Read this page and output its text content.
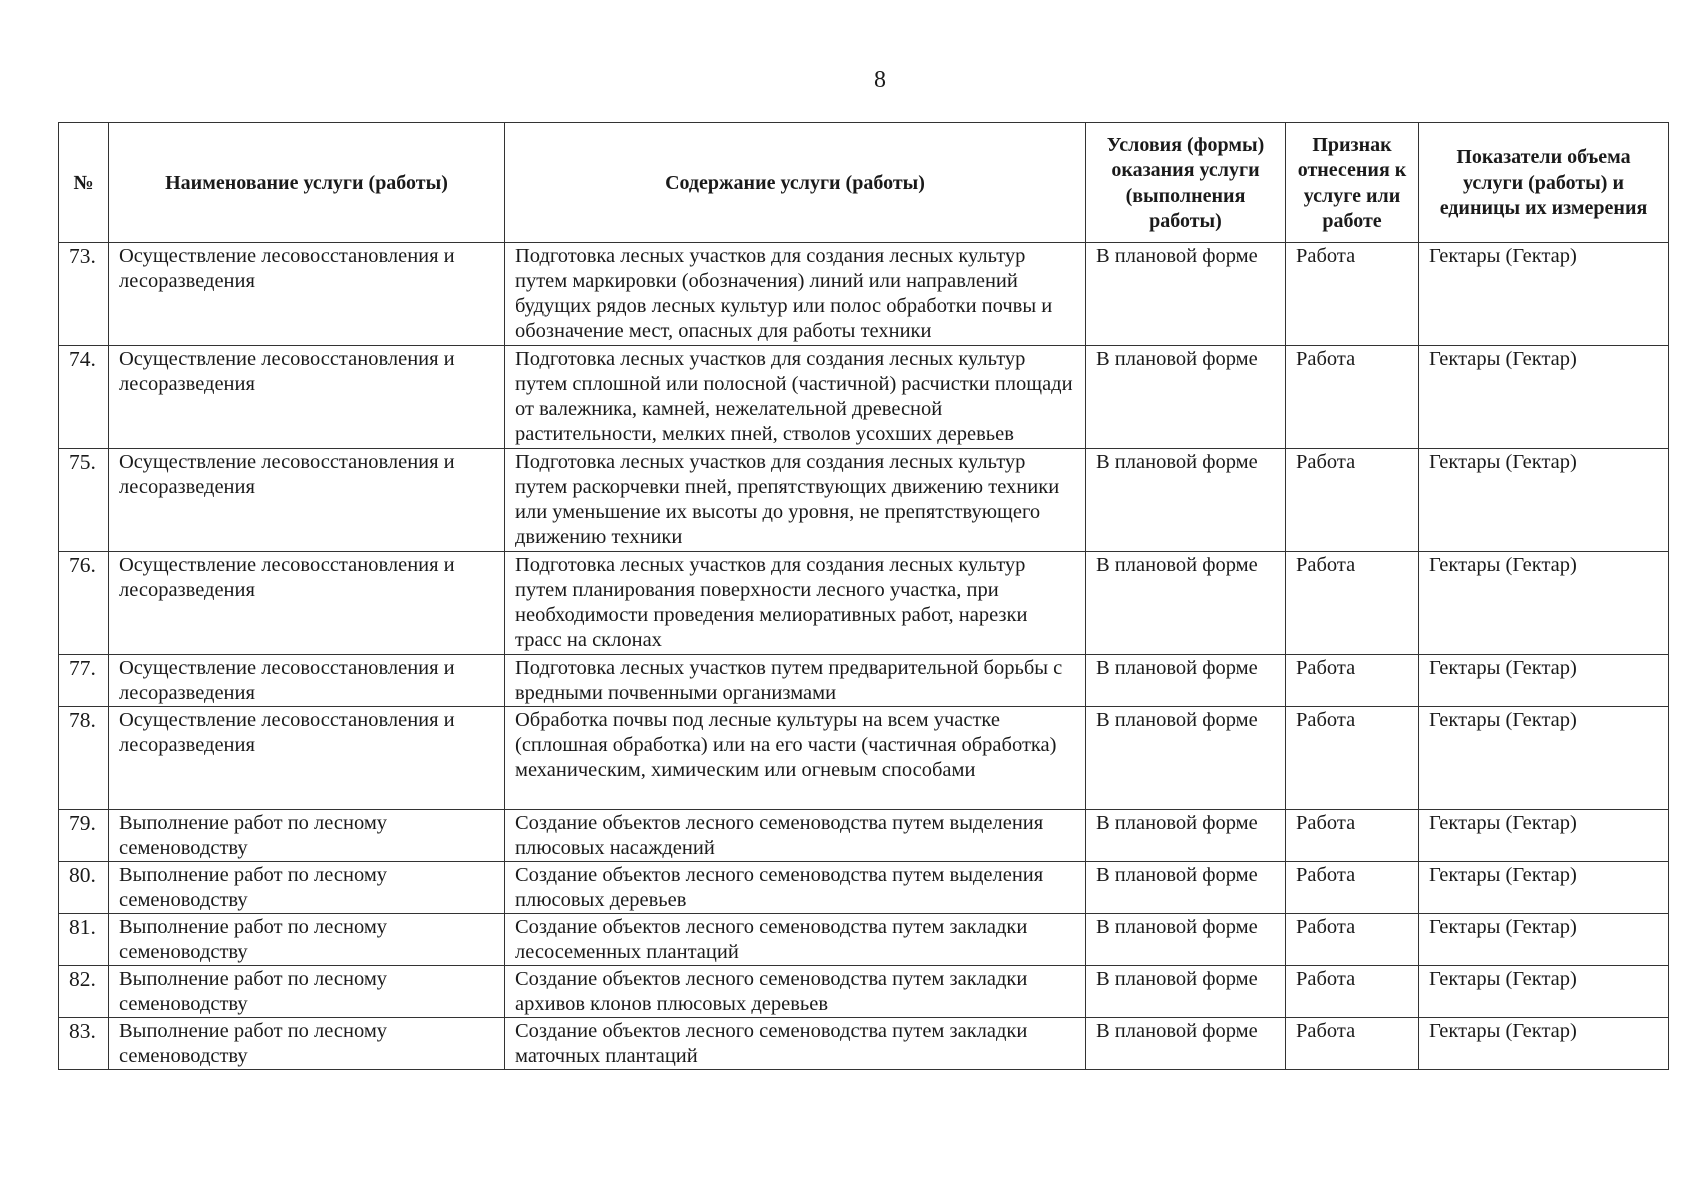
8
№	Наименование услуги (работы)	Содержание услуги (работы)	Условия (формы) оказания услуги (выполнения работы)	Признак отнесения к услуге или работе	Показатели объема услуги (работы) и единицы их измерения
73.	Осуществление лесовосстановления и лесоразведения	Подготовка лесных участков для создания лесных культур путем маркировки (обозначения) линий или направлений будущих рядов лесных культур или полос обработки почвы и обозначение мест, опасных для работы техники	В плановой форме	Работа	Гектары (Гектар)
74.	Осуществление лесовосстановления и лесоразведения	Подготовка лесных участков для создания лесных культур путем сплошной или полосной (частичной) расчистки площади от валежника, камней, нежелательной древесной растительности, мелких пней, стволов усохших деревьев	В плановой форме	Работа	Гектары (Гектар)
75.	Осуществление лесовосстановления и лесоразведения	Подготовка лесных участков для создания лесных культур путем раскорчевки пней, препятствующих движению техники или уменьшение их высоты до уровня, не препятствующего движению техники	В плановой форме	Работа	Гектары (Гектар)
76.	Осуществление лесовосстановления и лесоразведения	Подготовка лесных участков для создания лесных культур путем планирования поверхности лесного участка, при необходимости проведения мелиоративных работ, нарезки трасс на склонах	В плановой форме	Работа	Гектары (Гектар)
77.	Осуществление лесовосстановления и лесоразведения	Подготовка лесных участков путем предварительной борьбы с вредными почвенными организмами	В плановой форме	Работа	Гектары (Гектар)
78.	Осуществление лесовосстановления и лесоразведения	Обработка почвы под лесные культуры на всем участке (сплошная обработка) или на его части (частичная обработка) механическим, химическим или огневым способами	В плановой форме	Работа	Гектары (Гектар)
79.	Выполнение работ по лесному семеноводству	Создание объектов лесного семеноводства путем выделения плюсовых насаждений	В плановой форме	Работа	Гектары (Гектар)
80.	Выполнение работ по лесному семеноводству	Создание объектов лесного семеноводства путем выделения плюсовых деревьев	В плановой форме	Работа	Гектары (Гектар)
81.	Выполнение работ по лесному семеноводству	Создание объектов лесного семеноводства путем закладки лесосеменных плантаций	В плановой форме	Работа	Гектары (Гектар)
82.	Выполнение работ по лесному семеноводству	Создание объектов лесного семеноводства путем закладки архивов клонов плюсовых деревьев	В плановой форме	Работа	Гектары (Гектар)
83.	Выполнение работ по лесному семеноводству	Создание объектов лесного семеноводства путем закладки маточных плантаций	В плановой форме	Работа	Гектары (Гектар)
